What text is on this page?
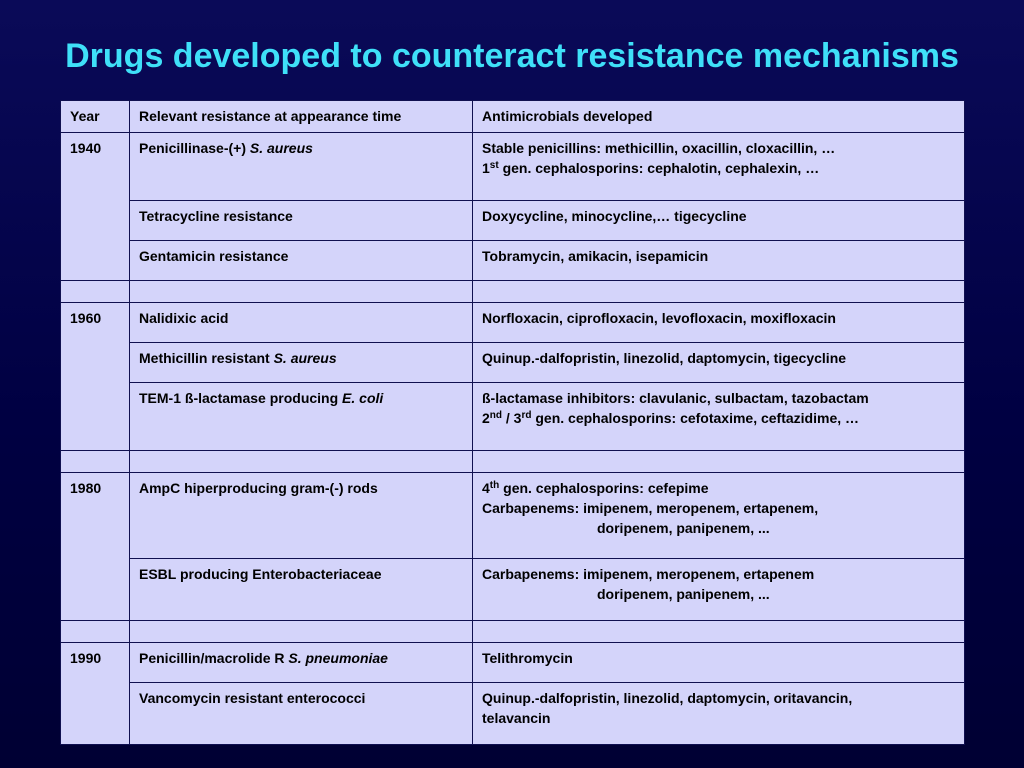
Drugs developed to counteract resistance mechanisms
Year	Relevant resistance at appearance time	Antimicrobials developed
1940	Penicillinase-(+) S. aureus	Stable penicillins: methicillin, oxacillin, cloxacillin, …
1st gen. cephalosporins: cephalotin, cephalexin, …

	Tetracycline resistance	Doxycycline, minocycline,… tigecycline
	Gentamicin resistance	Tobramycin, amikacin, isepamicin

1960	Nalidixic acid	Norfloxacin, ciprofloxacin, levofloxacin, moxifloxacin
	Methicillin resistant S. aureus	Quinup.-dalfopristin, linezolid, daptomycin, tigecycline
	TEM-1 ß-lactamase producing E. coli	ß-lactamase inhibitors: clavulanic, sulbactam, tazobactam
2nd / 3rd gen. cephalosporins: cefotaxime, ceftazidime, …

1980	AmpC hiperproducing gram-(-) rods	4th gen. cephalosporins: cefepime
Carbapenems: imipenem, meropenem, ertapenem,
doripenem, panipenem, ...

	ESBL producing Enterobacteriaceae	Carbapenems: imipenem, meropenem, ertapenem
doripenem, panipenem, ...

1990	Penicillin/macrolide R S. pneumoniae	Telithromycin
	Vancomycin resistant enterococci	Quinup.-dalfopristin, linezolid, daptomycin, oritavancin,
telavancin
